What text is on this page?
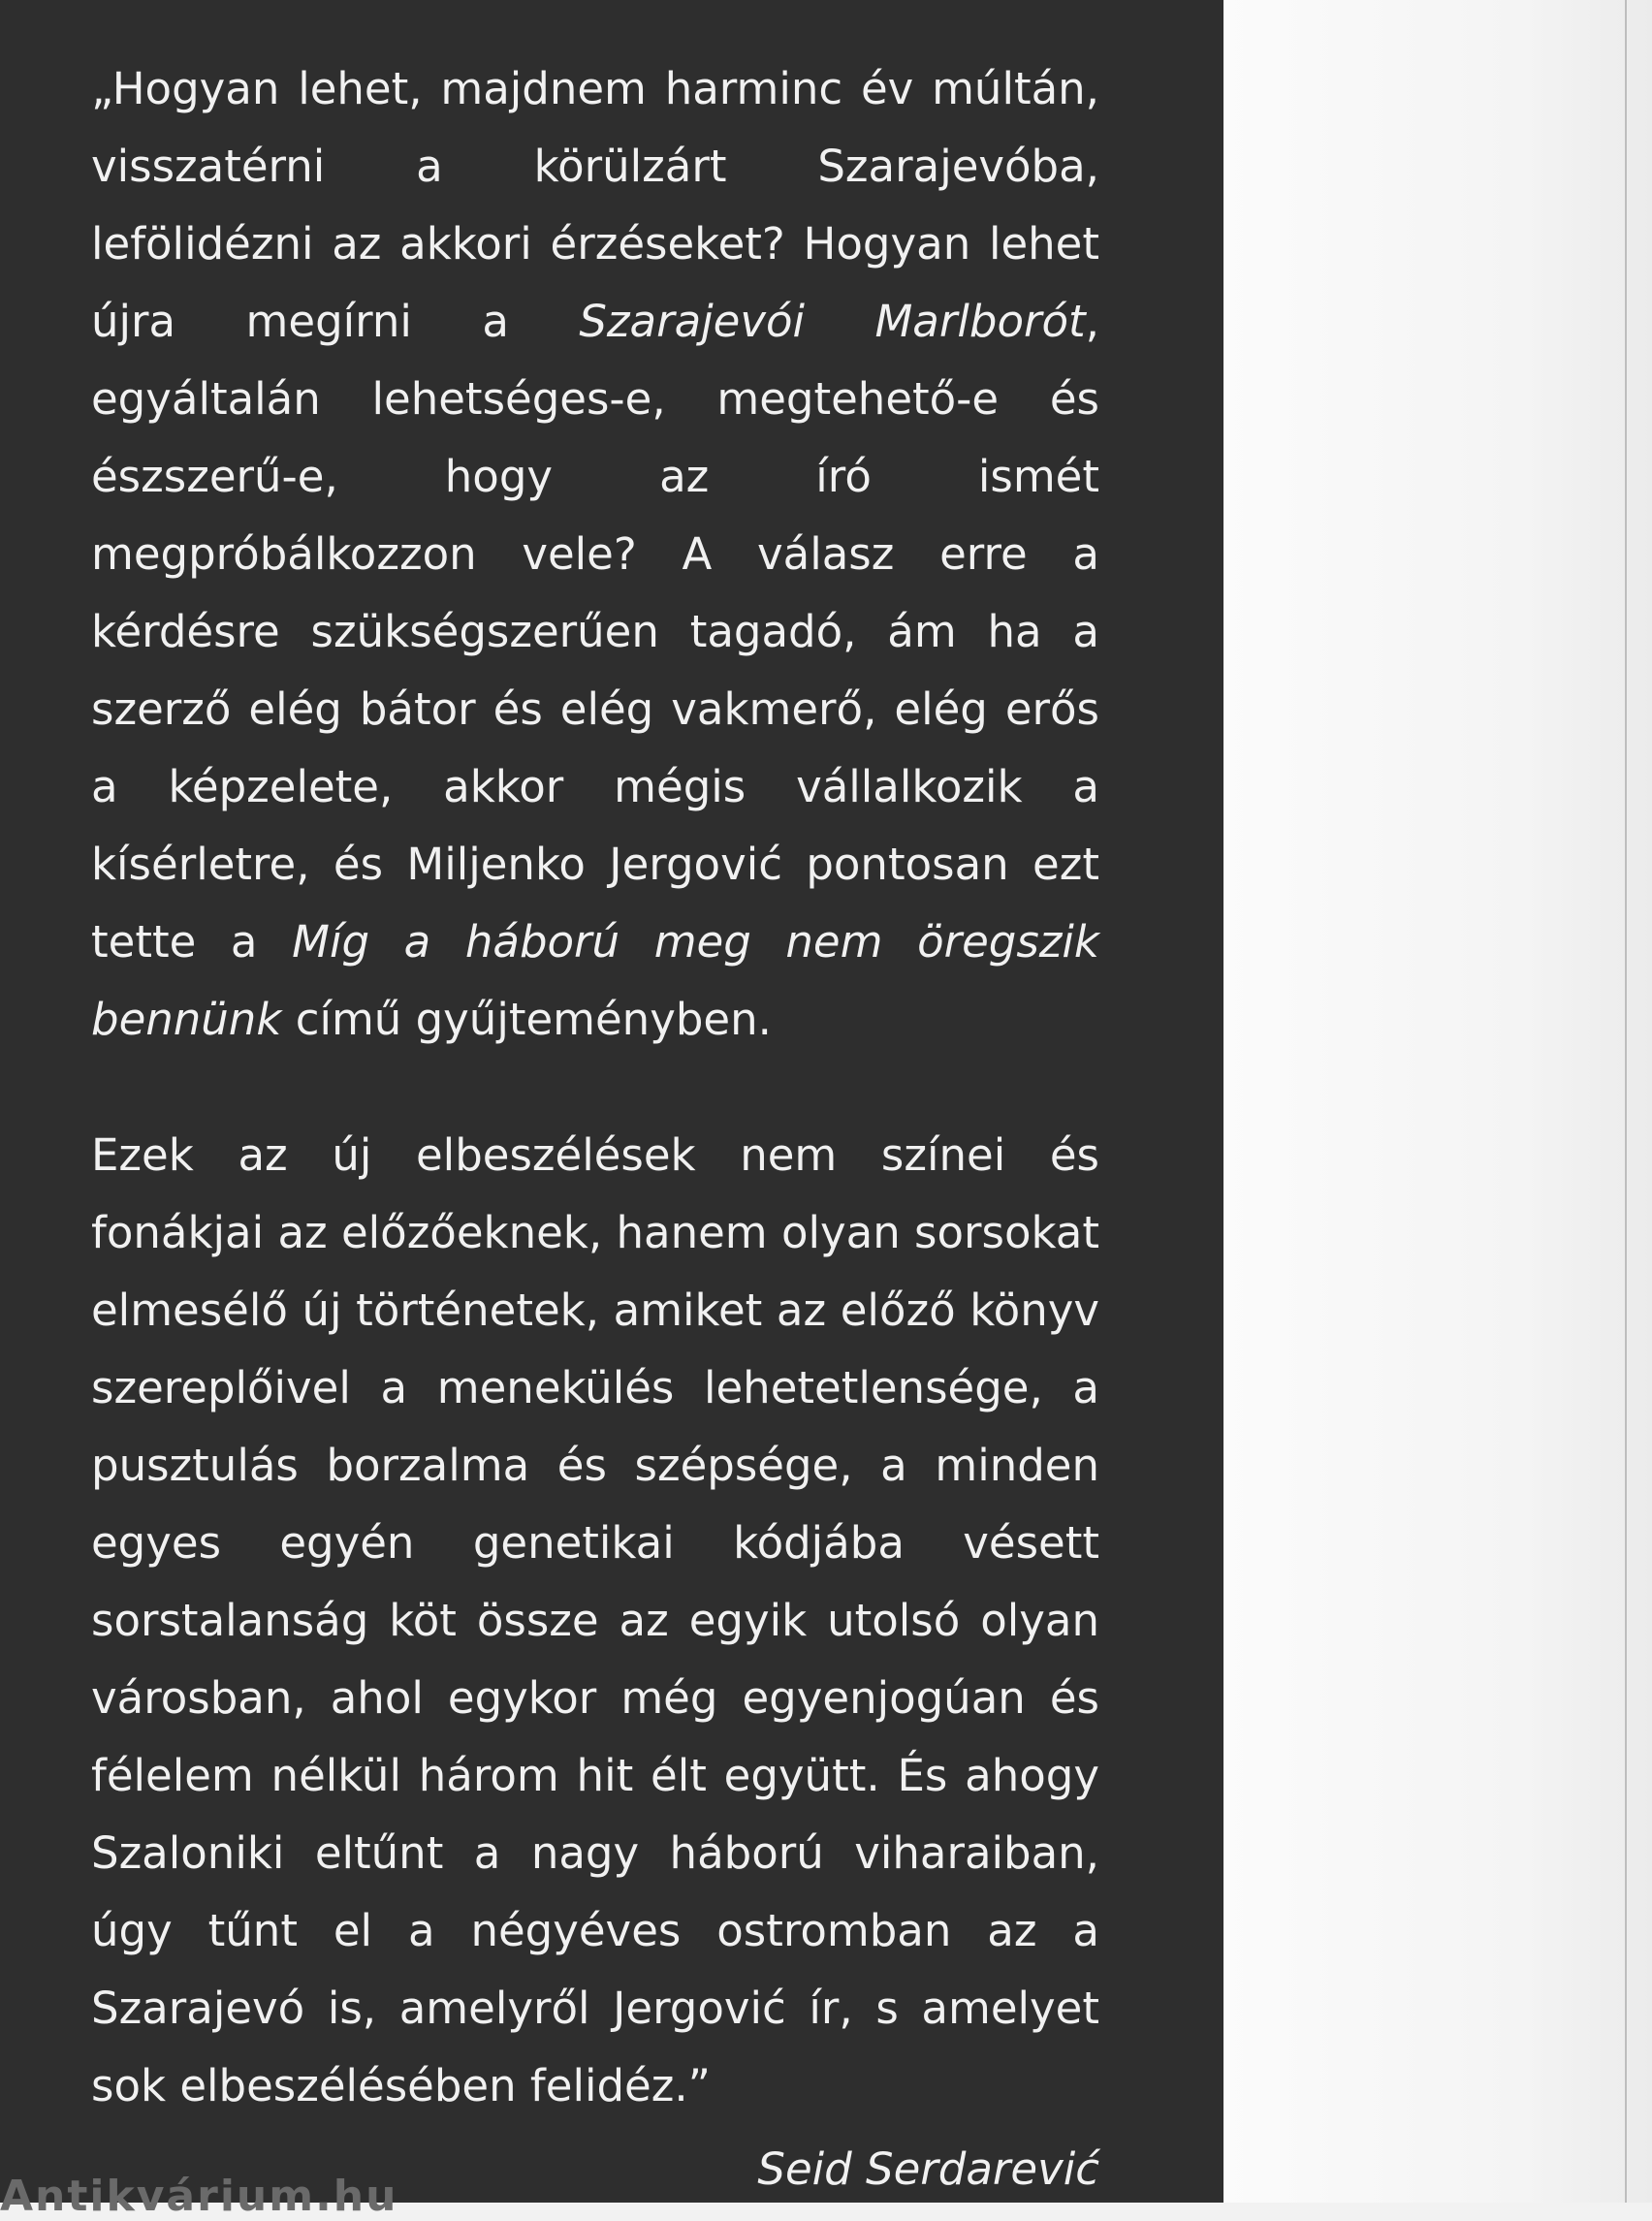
„Hogyan lehet, majdnem harminc év múltán, visszatérni a körülzárt Szarajevóba, lefölidézni az akkori érzéseket? Hogyan lehet újra megírni a Szarajevói Marlborót, egyáltalán lehetséges-e, megtehető-e és észszerű-e, hogy az író ismét megpróbálkozzon vele? A válasz erre a kérdésre szükségszerűen tagadó, ám ha a szerző elég bátor és elég vakmerő, elég erős a képzelete, akkor mégis vállalkozik a kísérletre, és Miljenko Jergović pontosan ezt tette a Míg a háború meg nem öregszik bennünk című gyűjteményben.

Ezek az új elbeszélések nem színei és fonákjai az előzőeknek, hanem olyan sorsokat elmesélő új történetek, amiket az előző könyv szereplőivel a menekülés lehetetlensége, a pusztulás borzalma és szépsége, a minden egyes egyén genetikai kódjába vésett sorstalanság köt össze az egyik utolsó olyan városban, ahol egykor még egyenjogúan és félelem nélkül három hit élt együtt. És ahogy Szaloniki eltűnt a nagy háború viharaiban, úgy tűnt el a négyéves ostromban az a Szarajevó is, amelyről Jergović ír, s amelyet sok elbeszélésében felidéz.”

Seid Serdarević
Antikvárium.hu
